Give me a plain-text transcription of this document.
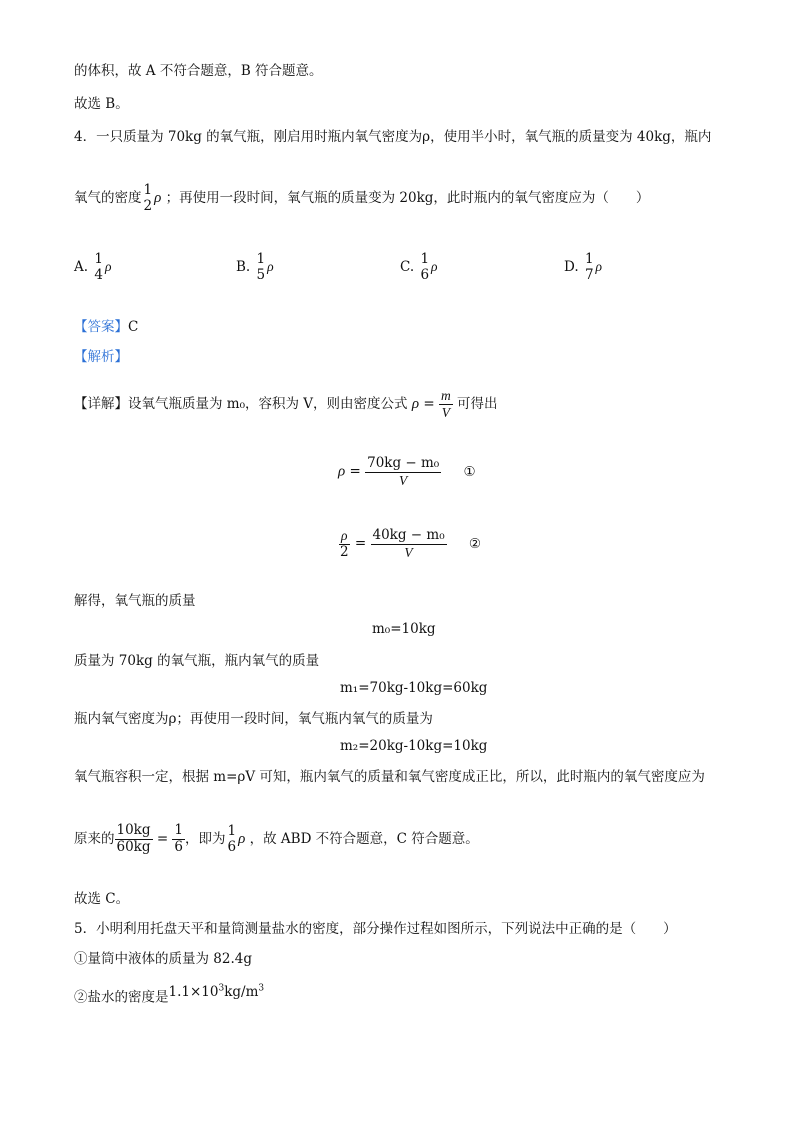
的体积，故 A 不符合题意，B 符合题意。
故选 B。
4．一只质量为 70kg 的氧气瓶，刚启用时瓶内氧气密度为ρ，使用半小时，氧气瓶的质量变为 40kg，瓶内
氧气的密度
1
2 ρ ；再使用一段时间，氧气瓶的质量变为 20kg，此时瓶内的氧气密度应为（　　）
A.
1
4 ρ	B.
1
5 ρ	C.
1
6 ρ	D.
1
7 ρ
【答案】C
【解析】
【详解】设氧气瓶质量为 m₀，容积为 V，则由密度公式 $\rho = \frac{m}{V}$ 可得出
$\rho = \frac{\text{70kg − m₀}}{V}$ ①
$\frac{\rho}{2} = \frac{\text{40kg − m₀}}{V}$ ②
解得，氧气瓶的质量
m₀=10kg
质量为 70kg 的氧气瓶，瓶内氧气的质量
m₁=70kg-10kg=60kg
瓶内氧气密度为ρ；再使用一段时间，氧气瓶内氧气的质量为
m₂=20kg-10kg=10kg
氧气瓶容积一定，根据 m=ρV 可知，瓶内氧气的质量和氧气密度成正比，所以，此时瓶内的氧气密度应为
原来的 $\frac{10kg}{60kg} = \frac{1}{6}$ ，即为
1
6 ρ ，故 ABD 不符合题意，C 符合题意。
故选 C。
5．小明利用托盘天平和量筒测量盐水的密度，部分操作过程如图所示，下列说法中正确的是（　　）
①量筒中液体的质量为 82.4g
②盐水的密度是$1.1\times 10^3kg/m^3$
